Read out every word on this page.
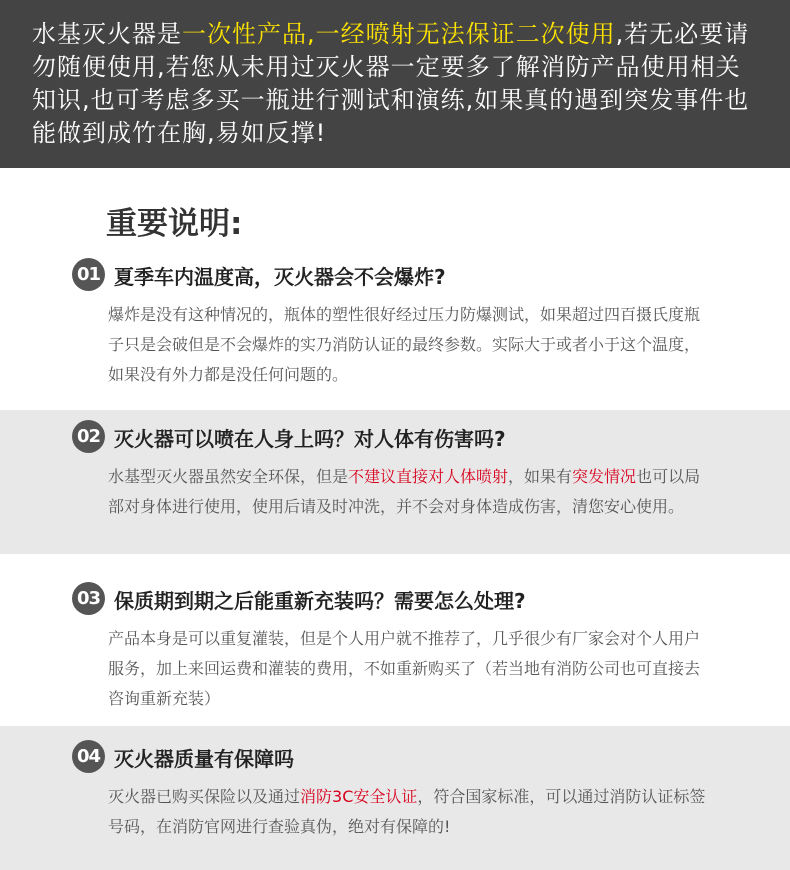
水基灭火器是一次性产品,一经喷射无法保证二次使用,若无必要请勿随便使用,若您从未用过灭火器一定要多了解消防产品使用相关知识,也可考虑多买一瓶进行测试和演练,如果真的遇到突发事件也能做到成竹在胸,易如反撑!

重要说明:
01 夏季车内温度高，灭火器会不会爆炸?

爆炸是没有这种情况的，瓶体的塑性很好经过压力防爆测试，如果超过四百摄氏度瓶子只是会破但是不会爆炸的实乃消防认证的最终参数。实际大于或者小于这个温度，如果没有外力都是没任何问题的。

02 灭火器可以喷在人身上吗？对人体有伤害吗?

水基型灭火器虽然安全环保，但是不建议直接对人体喷射，如果有突发情况也可以局部对身体进行使用，使用后请及时冲洗，并不会对身体造成伤害，清您安心使用。

03 保质期到期之后能重新充装吗？需要怎么处理?

产品本身是可以重复灌装，但是个人用户就不推荐了，几乎很少有厂家会对个人用户服务，加上来回运费和灌装的费用，不如重新购买了（若当地有消防公司也可直接去咨询重新充装）

04 灭火器质量有保障吗

灭火器已购买保险以及通过消防3C安全认证，符合国家标准，可以通过消防认证标签号码，在消防官网进行查验真伪，绝对有保障的!
